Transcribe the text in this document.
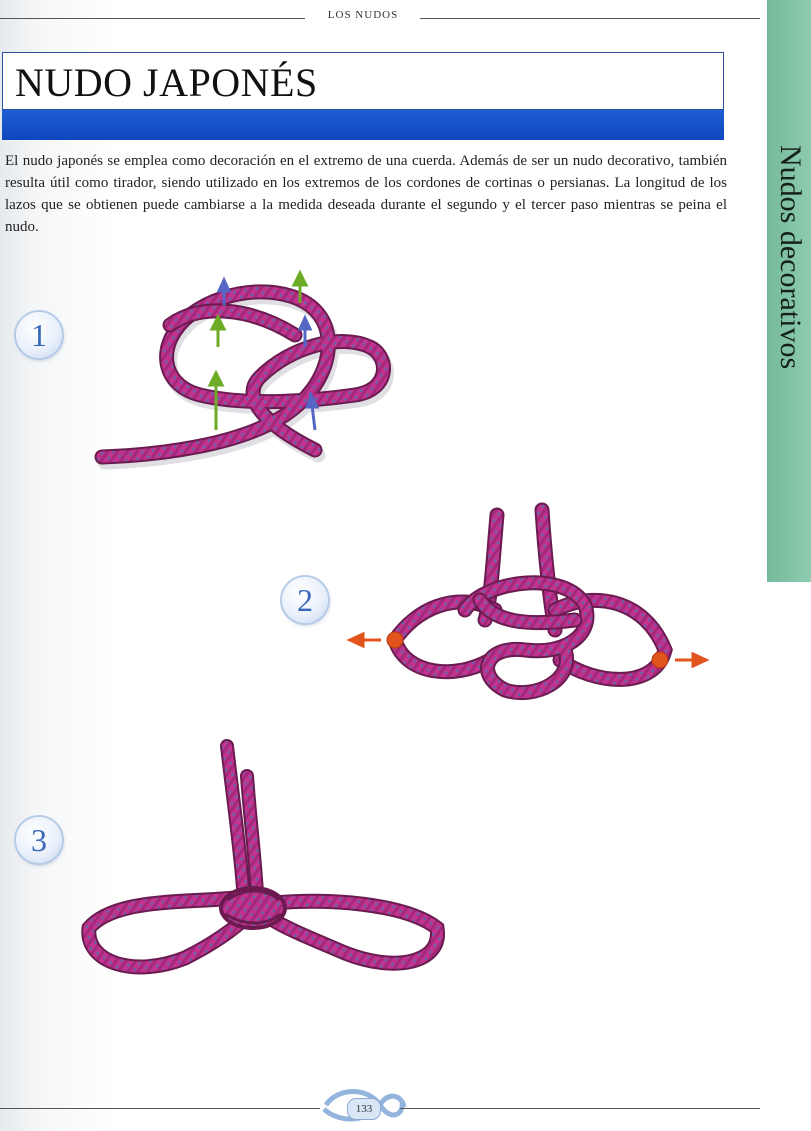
LOS NUDOS
NUDO JAPONÉS
El nudo japonés se emplea como decoración en el extremo de una cuerda. Además de ser un nudo decorativo, también resulta útil como tirador, siendo utilizado en los extremos de los cordones de cortinas o persianas. La longitud de los lazos que se obtienen puede cambiarse a la medida deseada durante el segundo y el tercer paso mientras se peina el nudo.	Nudos decorativos
1
2
3
133
